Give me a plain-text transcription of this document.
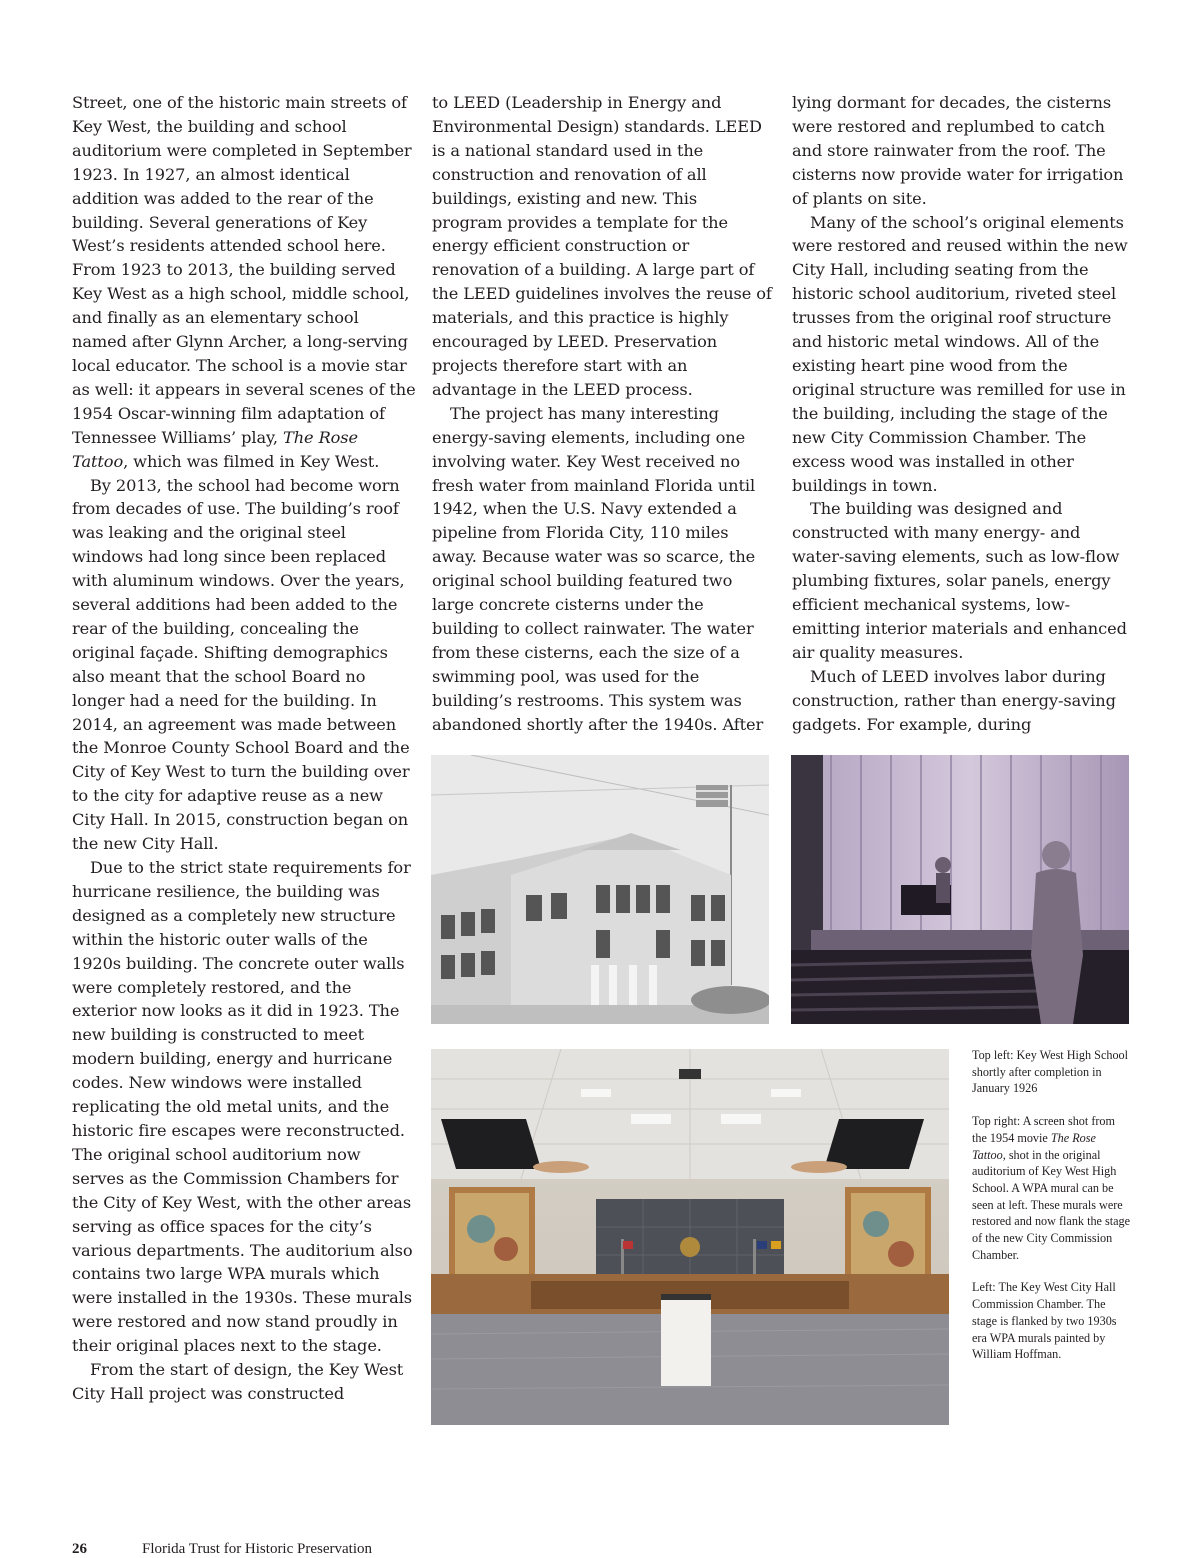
Street, one of the historic main streets of Key West, the building and school auditorium were completed in September 1923. In 1927, an almost identical addition was added to the rear of the building. Several generations of Key West’s residents attended school here. From 1923 to 2013, the building served Key West as a high school, middle school, and finally as an elementary school named after Glynn Archer, a long-serving local educator. The school is a movie star as well: it appears in several scenes of the 1954 Oscar-winning film adaptation of Tennessee Williams’ play, The Rose Tattoo, which was filmed in Key West.

By 2013, the school had become worn from decades of use. The building’s roof was leaking and the original steel windows had long since been replaced with aluminum windows. Over the years, several additions had been added to the rear of the building, concealing the original façade. Shifting demographics also meant that the school Board no longer had a need for the building. In 2014, an agreement was made between the Monroe County School Board and the City of Key West to turn the building over to the city for adaptive reuse as a new City Hall. In 2015, construction began on the new City Hall.

Due to the strict state requirements for hurricane resilience, the building was designed as a completely new structure within the historic outer walls of the 1920s building. The concrete outer walls were completely restored, and the exterior now looks as it did in 1923. The new building is constructed to meet modern building, energy and hurricane codes. New windows were installed replicating the old metal units, and the historic fire escapes were reconstructed. The original school auditorium now serves as the Commission Chambers for the City of Key West, with the other areas serving as office spaces for the city’s various departments. The auditorium also contains two large WPA murals which were installed in the 1930s. These murals were restored and now stand proudly in their original places next to the stage.

From the start of design, the Key West City Hall project was constructed

to LEED (Leadership in Energy and Environmental Design) standards. LEED is a national standard used in the construction and renovation of all buildings, existing and new. This program provides a template for the energy efficient construction or renovation of a building. A large part of the LEED guidelines involves the reuse of materials, and this practice is highly encouraged by LEED. Preservation projects therefore start with an advantage in the LEED process.

The project has many interesting energy-saving elements, including one involving water. Key West received no fresh water from mainland Florida until 1942, when the U.S. Navy extended a pipeline from Florida City, 110 miles away. Because water was so scarce, the original school building featured two large concrete cisterns under the building to collect rainwater. The water from these cisterns, each the size of a swimming pool, was used for the building’s restrooms. This system was abandoned shortly after the 1940s. After

lying dormant for decades, the cisterns were restored and replumbed to catch and store rainwater from the roof. The cisterns now provide water for irrigation of plants on site.

Many of the school’s original elements were restored and reused within the new City Hall, including seating from the historic school auditorium, riveted steel trusses from the original roof structure and historic metal windows. All of the existing heart pine wood from the original structure was remilled for use in the building, including the stage of the new City Commission Chamber. The excess wood was installed in other buildings in town.

The building was designed and constructed with many energy- and water-saving elements, such as low-flow plumbing fixtures, solar panels, energy efficient mechanical systems, low-emitting interior materials and enhanced air quality measures.

Much of LEED involves labor during construction, rather than energy-saving gadgets. For example, during

Top left: Key West High School shortly after completion in January 1926

Top right: A screen shot from the 1954 movie The Rose Tattoo, shot in the original auditorium of Key West High School. A WPA mural can be seen at left. These murals were restored and now flank the stage of the new City Commission Chamber.

Left: The Key West City Hall Commission Chamber. The stage is flanked by two 1930s era WPA murals painted by William Hoffman.

26	Florida Trust for Historic Preservation
